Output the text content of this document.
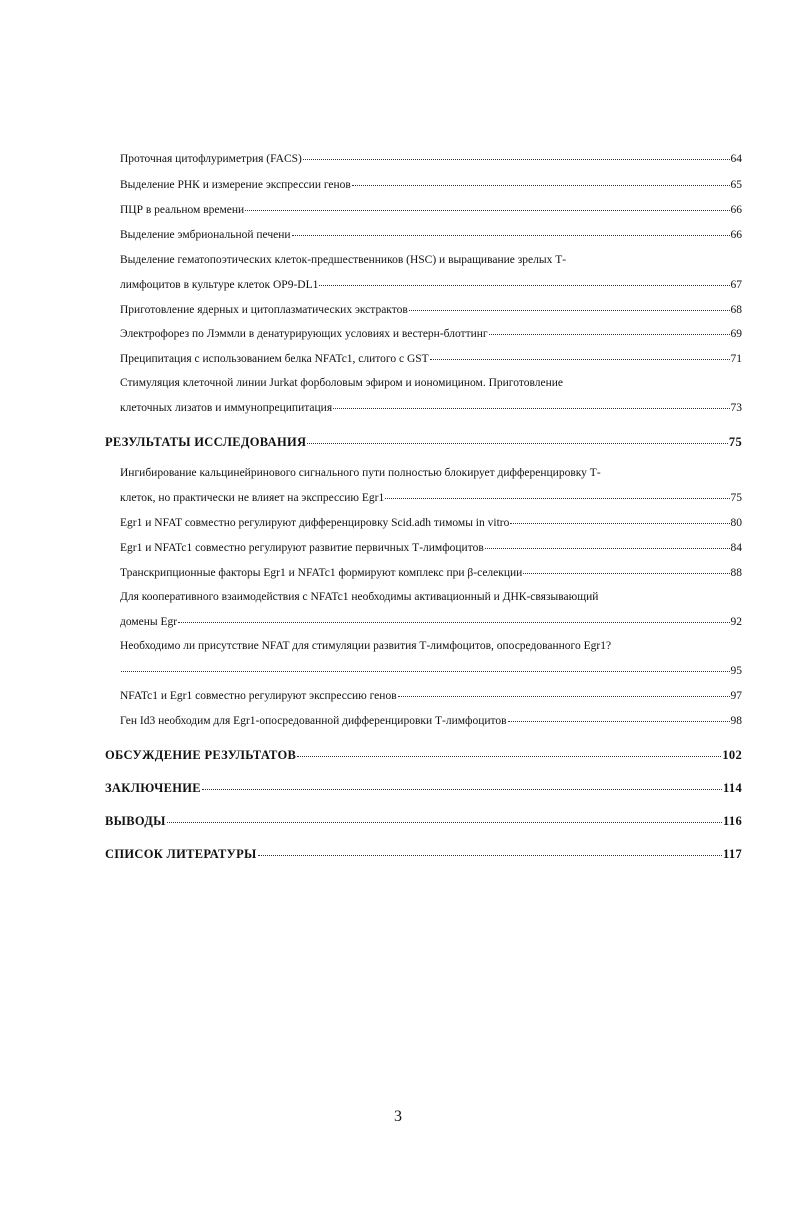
Проточная цитофлуриметрия (FACS)	64
Выделение РНК и измерение экспрессии генов	65
ПЦР в реальном времени	66
Выделение эмбриональной печени	66
Выделение гематопоэтических клеток-предшественников (HSC) и выращивание зрелых Т-
лимфоцитов в культуре клеток OP9-DL1	67
Приготовление ядерных и цитоплазматических экстрактов	68
Электрофорез по Лэммли в денатурирующих условиях и вестерн-блоттинг	69
Преципитация с использованием белка NFATc1, слитого с GST	71
Стимуляция клеточной линии Jurkat форболовым эфиром и иономицином. Приготовление
клеточных лизатов и иммунопреципитация	73
РЕЗУЛЬТАТЫ ИССЛЕДОВАНИЯ	75
Ингибирование кальцинейринового сигнального пути полностью блокирует дифференцировку Т-
клеток, но практически не влияет на экспрессию Egr1	75
Egr1 и NFAT совместно регулируют дифференцировку Scid.adh тимомы in vitro	80
Egr1 и NFATc1 совместно регулируют развитие первичных Т-лимфоцитов	84
Транскрипционные факторы Egr1 и NFATc1 формируют комплекс при β-селекции	88
Для кооперативного взаимодействия с NFATc1 необходимы активационный и ДНК-связывающий
домены Egr	92
Необходимо ли присутствие NFAT для стимуляции развития Т-лимфоцитов, опосредованного Egr1?
95
NFATc1 и Egr1 совместно регулируют экспрессию генов	97
Ген Id3 необходим для Egr1-опосредованной дифференцировки Т-лимфоцитов	98
ОБСУЖДЕНИЕ РЕЗУЛЬТАТОВ	102
ЗАКЛЮЧЕНИЕ	114
ВЫВОДЫ	116
СПИСОК ЛИТЕРАТУРЫ	117
3
